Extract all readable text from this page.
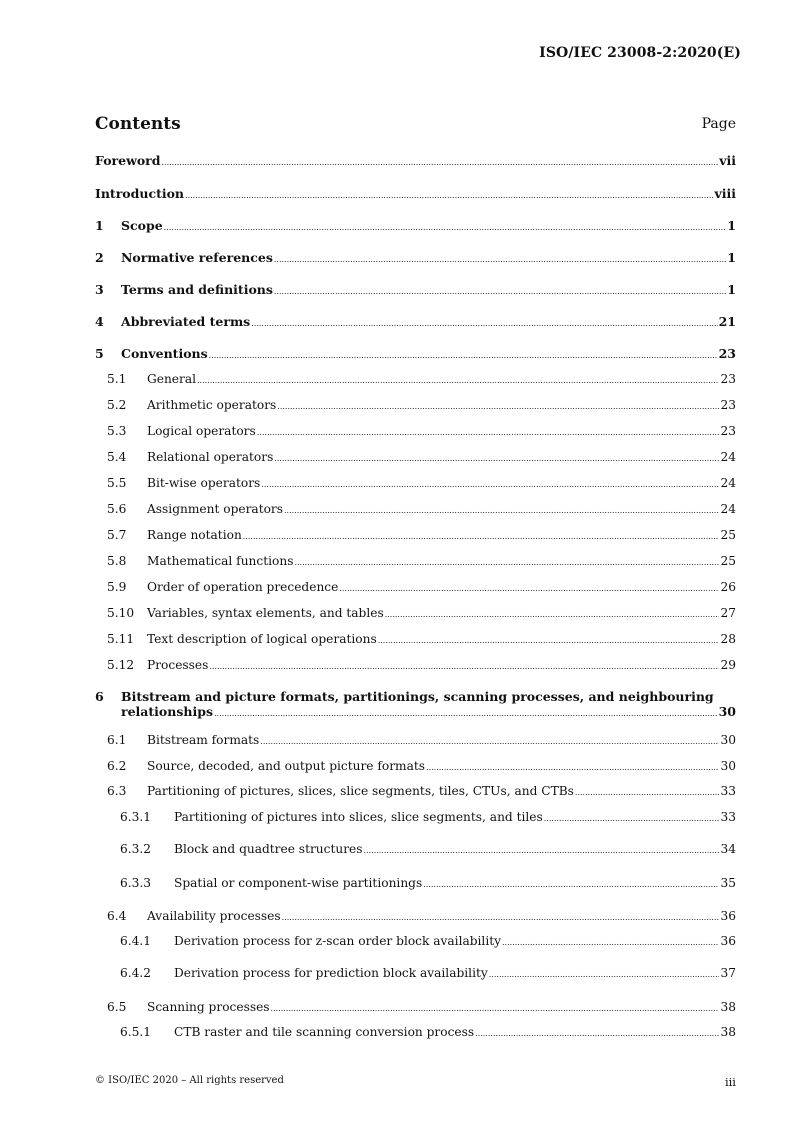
ISO/IEC 23008-2:2020(E)
Contents	Page
Foreword .....	vii
Introduction .....	viii
1	Scope .....	1
2	Normative references .....	1
3	Terms and definitions .....	1
4	Abbreviated terms .....	21
5	Conventions .....	23
5.1	General .....	23
5.2	Arithmetic operators .....	23
5.3	Logical operators .....	23
5.4	Relational operators .....	24
5.5	Bit-wise operators .....	24
5.6	Assignment operators .....	24
5.7	Range notation .....	25
5.8	Mathematical functions .....	25
5.9	Order of operation precedence .....	26
5.10	Variables, syntax elements, and tables .....	27
5.11	Text description of logical operations .....	28
5.12	Processes .....	29
6	Bitstream and picture formats, partitionings, scanning processes, and neighbouring
relationships .....	30
6.1	Bitstream formats .....	30
6.2	Source, decoded, and output picture formats .....	30
6.3	Partitioning of pictures, slices, slice segments, tiles, CTUs, and CTBs .....	33
6.3.1	Partitioning of pictures into slices, slice segments, and tiles .....	33
6.3.2	Block and quadtree structures .....	34
6.3.3	Spatial or component-wise partitionings .....	35
6.4	Availability processes .....	36
6.4.1	Derivation process for z-scan order block availability .....	36
6.4.2	Derivation process for prediction block availability .....	37
6.5	Scanning processes .....	38
6.5.1	CTB raster and tile scanning conversion process .....	38
© ISO/IEC 2020 – All rights reserved	iii
